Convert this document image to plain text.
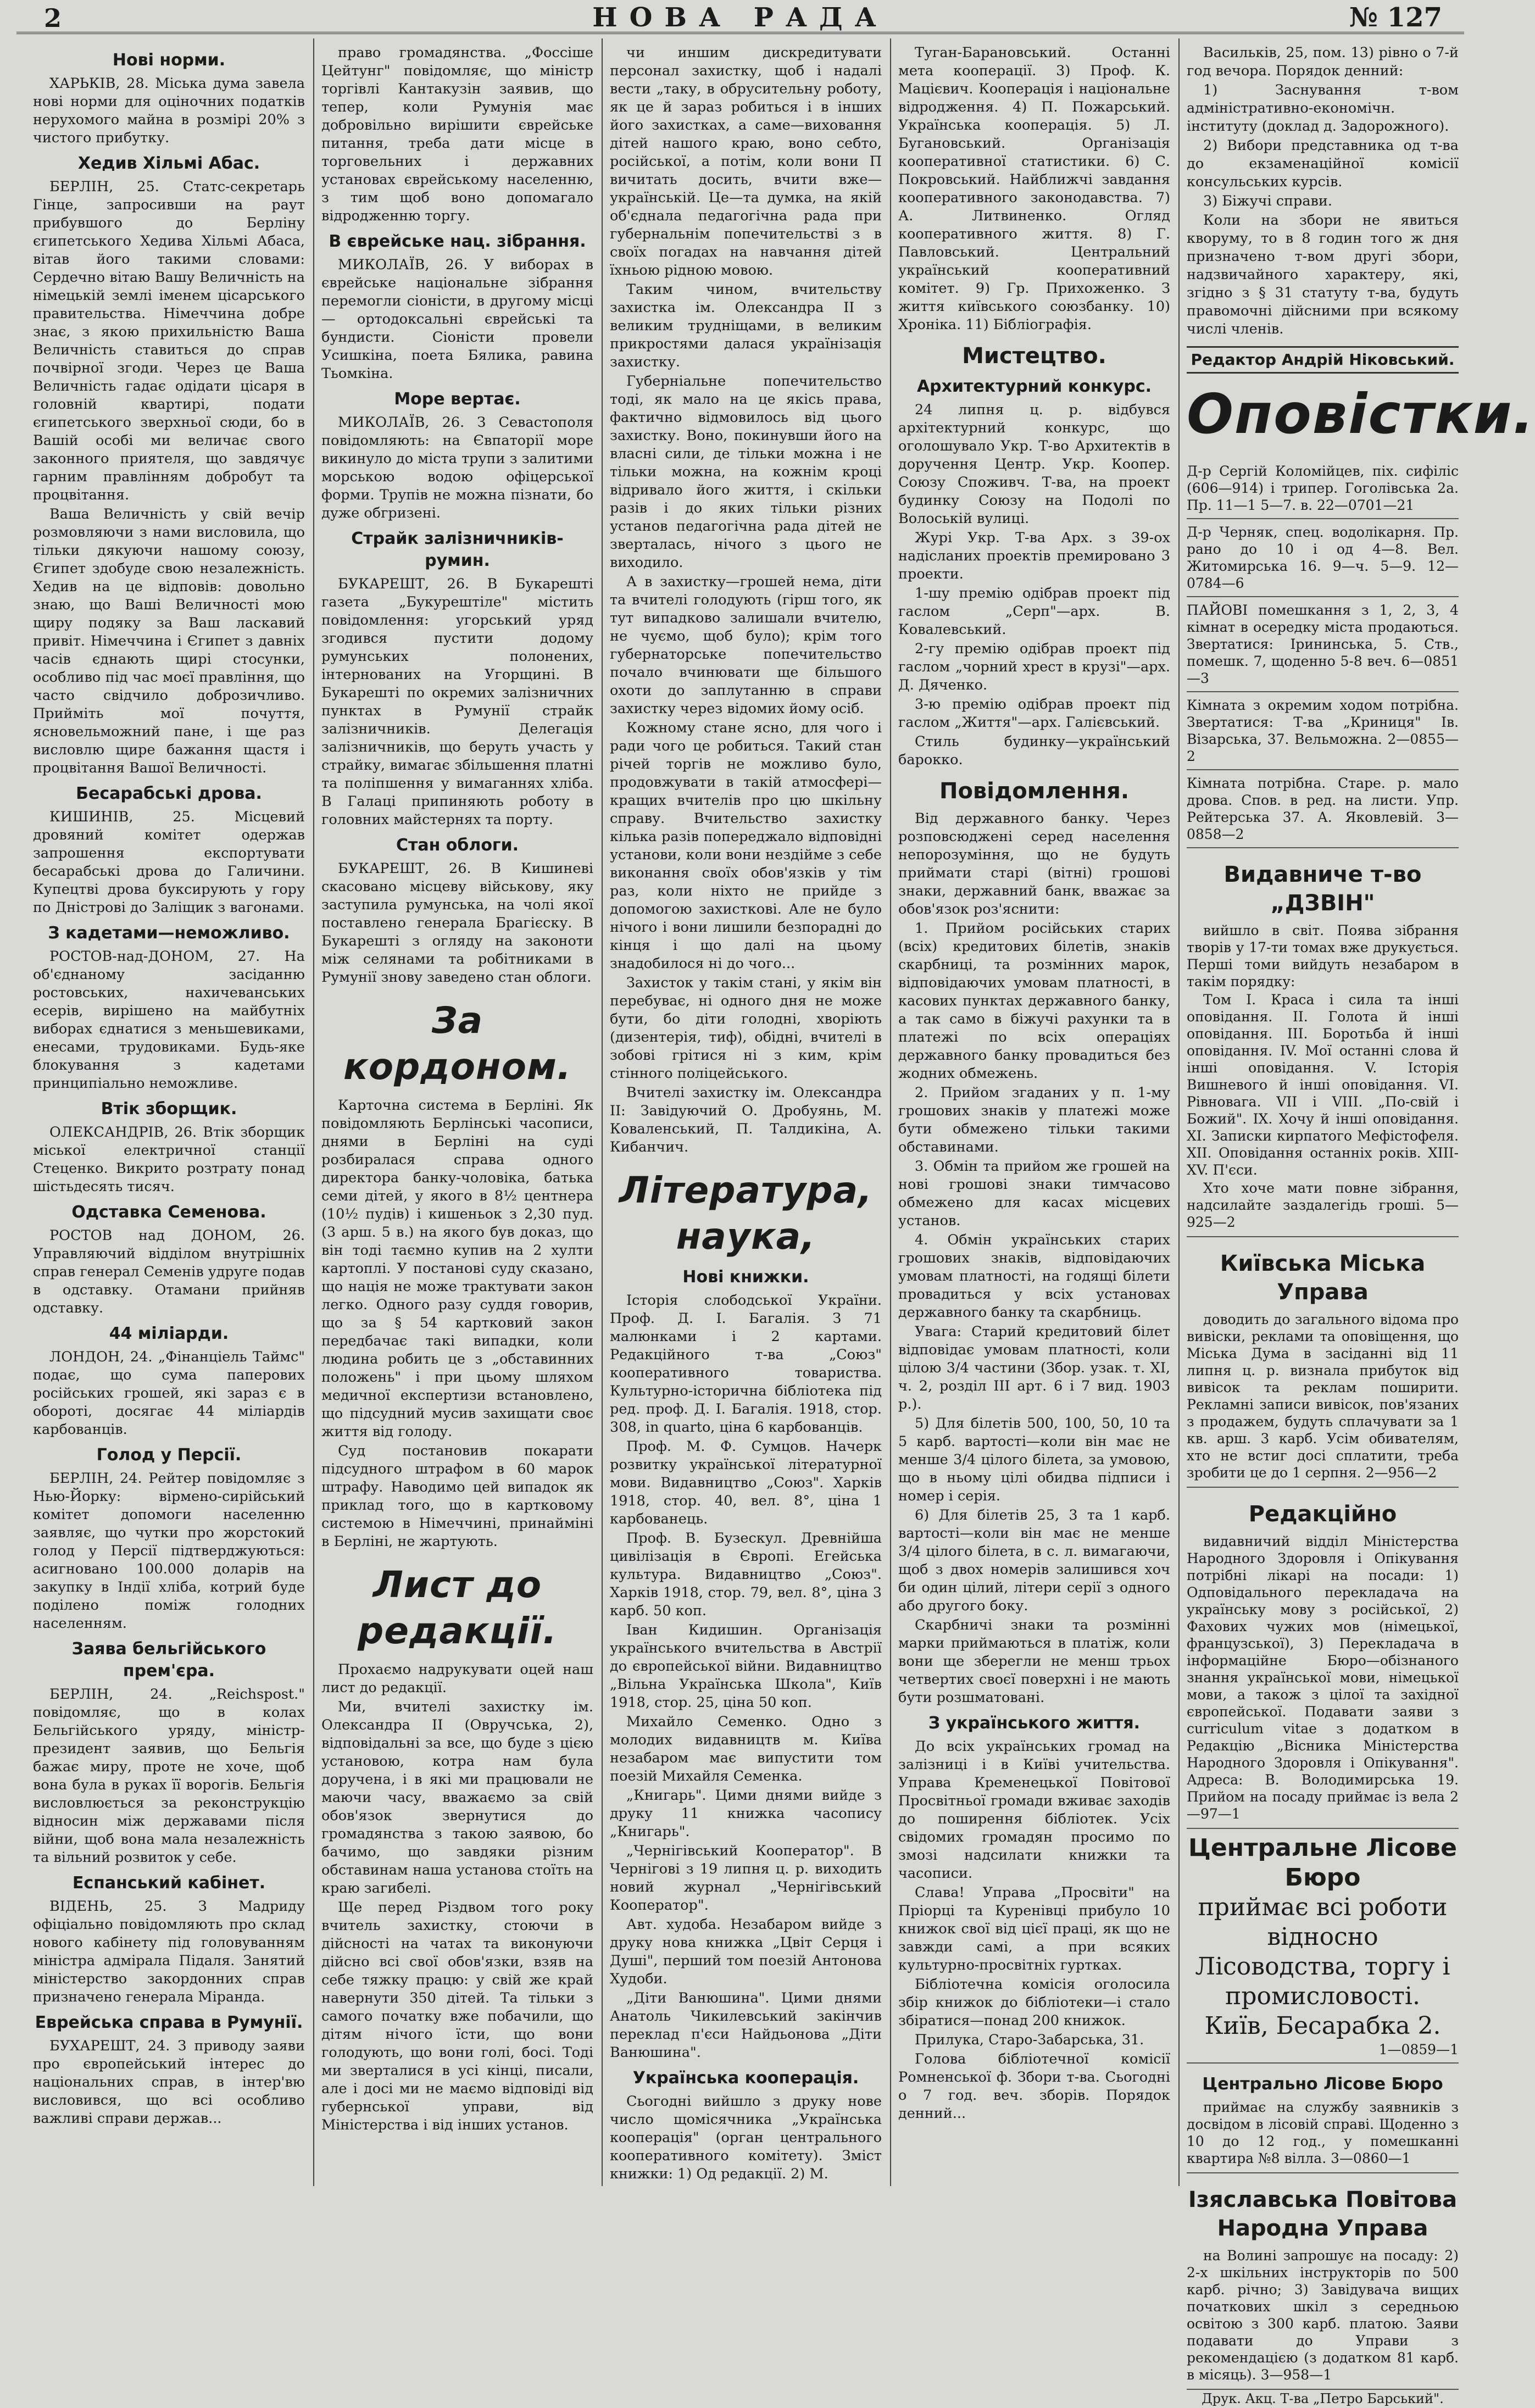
2	НОВА РАДА	№ 127
Нові норми.

ХАРЬКІВ, 28. Міська дума завела нові норми для оціночних податків нерухомого майна в розмірі 20% з чистого прибутку.

Хедив Хільмі Абас.

БЕРЛІН, 25. Статс-секретарь Гінце, запросивши на раут прибувшого до Берліну єгипетського Хедива Хільмі Абаса, вітав його такими словами: Сердечно вітаю Вашу Величність на німецькій землі іменем цісарського правительства. Німеччина добре знає, з якою прихильністю Ваша Величність ставиться до справ почвірної згоди. Через це Ваша Величність гадає одідати цісаря в головній квартирі, подати єгипетського зверхньої сюди, бо в Вашій особі ми величає свого законного приятеля, що завдячує гарним правлінням добробут та процвітання.

Ваша Величність у свій вечір розмовляючи з нами висловила, що тільки дякуючи нашому союзу, Єгипет здобуде свою незалежність. Хедив на це відповів: довольно знаю, що Ваші Величності мою щиру подяку за Ваш ласкавий привіт. Німеччина і Єгипет з давніх часів єднають щирі стосунки, особливо під час моєї правління, що часто свідчило доброзичливо. Прийміть мої почуття, ясновельможний пане, і ще раз висловлю щире бажання щастя і процвітання Вашої Величності.

Бесарабські дрова.

КИШИНІВ, 25. Місцевий дровяний комітет одержав запрошення експортувати бесарабські дрова до Галичини. Купецтві дрова буксирують у гору по Дністрові до Заліщик з вагонами.

З кадетами—неможливо.

РОСТОВ-над-ДОНОМ, 27. На об'єднаному засіданню ростовських, нахичеванських есерів, вирішено на майбутніх виборах єднатися з меньшевиками, енесами, трудовиками. Будь-яке блокування з кадетами принципіально неможливе.

Втік зборщик.

ОЛЕКСАНДРІВ, 26. Втік зборщик міської електричної станції Стеценко. Викрито розтрату понад шістьдесять тисяч.

Одставка Семенова.

РОСТОВ над ДОНОМ, 26. Управляючий відділом внутрішніх справ генерал Семенів удруге подав в одставку. Отамани прийняв одставку.

44 міліарди.

ЛОНДОН, 24. „Фінанціель Таймс" подає, що сума паперових російських грошей, які зараз є в обороті, досягає 44 міліардів карбованців.

Голод у Персії.

БЕРЛІН, 24. Рейтер повідомляє з Нью-Йорку: вірмено-сирійський комітет допомоги населенню заявляє, що чутки про жорстокий голод у Персії підтверджуються: асигновано 100.000 доларів на закупку в Індії хліба, котрий буде поділено поміж голодних населенням.

Заява бельгійського прем'єра.

БЕРЛІН, 24. „Reichspost." повідомляє, що в колах Бельгійського уряду, міністр-президент заявив, що Бельгія бажає миру, проте не хоче, щоб вона була в руках її ворогів. Бельгія висловлюється за реконструкцію відносин між державами після війни, щоб вона мала незалежність та вільний розвиток у себе.

Еспанський кабінет.

ВІДЕНЬ, 25. З Мадриду офіціально повідомляють про склад нового кабінету під головуванням міністра адмірала Підаля. Занятий міністерство закордонних справ призначено генерала Міранда.

Еврейська справа в Румунії.

БУХАРЕШТ, 24. З приводу заяви про європейський інтерес до національних справ, в інтер'вю висловився, що всі особливо важливі справи держав...

право громадянства. „Фоссіше Цейтунг" повідомляє, що міністр торгівлі Кантакузін заявив, що тепер, коли Румунія має добровільно вирішити єврейське питання, треба дати місце в торговельних і державних установах єврейському населенню, з тим щоб воно допомагало відродженню торгу.

В єврейське нац. зібрання.

МИКОЛАЇВ, 26. У виборах в єврейське національне зібрання перемогли сіоністи, в другому місці — ортодоксальні єврейські та бундисти. Сіоністи провели Усишкіна, поета Бялика, равина Тьомкіна.

Море вертає.

МИКОЛАЇВ, 26. З Севастополя повідомляють: на Євпаторії море викинуло до міста трупи з залитими морською водою офіцерської форми. Трупів не можна пізнати, бо дуже обгризені.

Страйк залізничників-румин.

БУКАРЕШТ, 26. В Букарешті газета „Букурештіле" містить повідомлення: угорський уряд згодився пустити додому румунських полонених, інтернованих на Угорщині. В Букарешті по окремих залізничних пунктах в Румунії страйк залізничників. Делегація залізничників, що беруть участь у страйку, вимагає збільшення платні та поліпшення у вимаганнях хліба. В Галаці припиняють роботу в головних майстернях та порту.

Стан облоги.

БУКАРЕШТ, 26. В Кишиневі скасовано місцеву військову, яку заступила румунська, на чолі якої поставлено генерала Брагієску. В Букарешті з огляду на законоти між селянами та робітниками в Румунії знову заведено стан облоги.

За кордоном.

Карточна система в Берліні. Як повідомляють Берлінські часописи, днями в Берліні на суді розбиралася справа одного директора банку-чоловіка, батька семи дітей, у якого в 8½ центнера (10½ пудів) і кишеньок з 2,30 пуд. (3 арш. 5 в.) на якого був доказ, що він тоді таємно купив на 2 хулти картоплі. У постанові суду сказано, що нація не може трактувати закон легко. Одного разу суддя говорив, що за § 54 картковий закон передбачає такі випадки, коли людина робить це з „обставинних положень" і при цьому шляхом медичної експертизи встановлено, що підсудний мусив захищати своє життя від голоду.

Суд постановив покарати підсудного штрафом в 60 марок штрафу. Наводимо цей випадок як приклад того, що в картковому системою в Німеччині, принайміні в Берліні, не жартують.

Лист до редакції.

Прохаємо надрукувати оцей наш лист до редакції.

Ми, вчителі захистку ім. Олександра II (Овручська, 2), відповідальні за все, що буде з цією установою, котра нам була доручена, і в які ми працювали не маючи часу, вважаємо за свій обов'язок звернутися до громадянства з такою заявою, бо бачимо, що завдяки різним обставинам наша установа стоїть на краю загибелі.

Ще перед Різдвом того року вчитель захистку, стоючи в дійсності на чатах та виконуючи дійсно всі свої обов'язки, взяв на себе тяжку працю: у свій же край навернути 350 дітей. Та тільки з самого початку вже побачили, що дітям нічого їсти, що вони голодують, що вони голі, босі. Тоді ми зверталися в усі кінці, писали, але і досі ми не маємо відповіді від губернської управи, від Міністерства і від інших установ.

чи иншим дискредитувати персонал захистку, щоб і надалі вести „таку, в обрусительну роботу, як це й зараз робиться і в інших його захистках, а саме—виховання дітей нашого краю, воно себто, російської, а потім, коли вони П вичитать досить, вчити вже—українській. Це—та думка, на якій об'єднала педагогічна рада при губернальнім попечительстві з в своїх погадах на навчання дітей їхньою рідною мовою.

Таким чином, вчительству захистка ім. Олександра II з великим трудніщами, в великим прикростями далася українізація захистку.

Губерніальне попечительство тоді, як мало на це якісь права, фактично відмовилось від цього захистку. Воно, покинувши його на власні сили, де тільки можна і не тільки можна, на кожнім кроці відривало його життя, і скільки разів і до яких тільки різних установ педагогічна рада дітей не зверталась, нічого з цього не виходило.

А в захистку—грошей нема, діти та вчителі голодують (гірш того, як тут випадково залишали вчителю, не чуємо, щоб було); крім того губернаторське попечительство почало вчинювати ще більшого охоти до заплутанню в справи захистку через відомих йому осіб.

Кожному стане ясно, для чого і ради чого це робиться. Такий стан річей торгів не можливо було, продовжувати в такій атмосфері—кращих вчителів про цю шкільну справу. Вчительство захистку кілька разів попереджало відповідні установи, коли вони нездійме з себе виконання своїх обов'язків у тім раз, коли ніхто не прийде з допомогою захисткові. Але не було нічого і вони лишили безпорадні до кінця і що далі на цьому знадобилося ні до чого...

Захисток у такім стані, у якім він перебуває, ні одного дня не може бути, бо діти голодні, хворіють (дизентерія, тиф), обідні, вчителі в зобові грітися ні з ким, крім стінного поліцейського.

Вчителі захистку ім. Олександра II: Завідуючий О. Дробуянь, М. Коваленський, П. Талдикіна, А. Кибанчич.

Література, наука,
Нові книжки.

Історія слободської України. Проф. Д. І. Багалія. З 71 малюнками і 2 картами. Редакційного т-ва „Союз" кооперативного товариства. Культурно-історична бібліотека під ред. проф. Д. І. Багалія. 1918, стор. 308, in quarto, ціна 6 карбованців.

Проф. М. Ф. Сумцов. Начерк розвитку української літературної мови. Видавництво „Союз". Харків 1918, стор. 40, вел. 8°, ціна 1 карбованець.

Проф. В. Бузескул. Древнійша цивілізація в Європі. Егейська культура. Видавництво „Союз". Харків 1918, стор. 79, вел. 8°, ціна 3 карб. 50 коп.

Іван Кидишин. Організація українського вчительства в Австрії до європейської війни. Видавництво „Вільна Українська Школа", Київ 1918, стор. 25, ціна 50 коп.

Михайло Семенко. Одно з молодих видавництв м. Київа незабаром має випустити том поезій Михайля Семенка.

„Книгарь". Цими днями вийде з друку 11 книжка часопису „Книгарь".

„Чернігівський Кооператор". В Чернігові з 19 липня ц. р. виходить новий журнал „Чернігівський Кооператор".

Авт. худоба. Незабаром вийде з друку нова книжка „Цвіт Серця і Душі", перший том поезій Антонова Худоби.

„Діти Ванюшина". Цими днями Анатоль Чикилевський закінчив переклад п'єси Найдьонова „Діти Ванюшина".

Українська кооперація.

Сьогодні вийшло з друку нове число щомісячника „Українська кооперація" (орган центрального кооперативного комітету). Зміст книжки: 1) Од редакції. 2) М.

Туган-Барановський. Останні мета кооперації. 3) Проф. К. Мацієвич. Кооперація і національне відродження. 4) П. Пожарський. Українська кооперація. 5) Л. Бугановський. Організація кооперативної статистики. 6) С. Покровський. Найближчі завдання кооперативного законодавства. 7) А. Литвиненко. Огляд кооперативного життя. 8) Г. Павловський. Центральний український кооперативний комітет. 9) Гр. Прихоженко. З життя київського союзбанку. 10) Хроніка. 11) Бібліографія.

Мистецтво.
Архитектурний конкурс.

24 липня ц. р. відбувся архітектурний конкурс, що оголошувало Укр. Т-во Архитектів в доручення Центр. Укр. Коопер. Союзу Споживч. Т-ва, на проект будинку Союзу на Подолі по Волоській вулиці.

Журі Укр. Т-ва Арх. з 39-ох надісланих проектів премировано 3 проекти.

1-шу премію одібрав проект під гаслом „Серп"—арх. В. Ковалевський.

2-гу премію одібрав проект під гаслом „чорний хрест в крузі"—арх. Д. Дяченко.

3-ю премію одібрав проект під гаслом „Життя"—арх. Галієвський.

Стиль будинку—український барокко.

Повідомлення.

Від державного банку. Через розповсюджені серед населення непорозуміння, що не будуть приймати старі (вітні) грошові знаки, державний банк, вважає за обов'язок роз'яснити:

1. Прийом російських старих (всіх) кредитових білетів, знаків скарбниці, та розмінних марок, відповідаючих умовам платності, в касових пунктах державного банку, а так само в біжучі рахунки та в платежі по всіх операціях державного банку провадиться без жодних обмежень.

2. Прийом згаданих у п. 1-му грошових знаків у платежі може бути обмежено тільки такими обставинами.

3. Обмін та прийом же грошей на нові грошові знаки тимчасово обмежено для касах місцевих установ.

4. Обмін українських старих грошових знаків, відповідаючих умовам платності, на годящі білети провадиться у всіх установах державного банку та скарбниць.

Увага: Старий кредитовий білет відповідає умовам платності, коли цілою 3/4 частини (Збор. узак. т. XI, ч. 2, розділ III арт. 6 і 7 вид. 1903 р.).

5) Для білетів 500, 100, 50, 10 та 5 карб. вартості—коли він має не менше 3/4 цілого білета, за умовою, що в ньому цілі обидва підписи і номер і серія.

6) Для білетів 25, 3 та 1 карб. вартості—коли він має не менше 3/4 цілого білета, в с. л. вимагаючи, щоб з двох номерів залишився хоч би один цілий, літери серії з одного або другого боку.

Скарбничі знаки та розмінні марки приймаються в платіж, коли вони ще зберегли не менш трьох четвертих своєї поверхні і не мають бути розшматовані.

З українського життя.

До всіх українських громад на залізниці і в Київі учительства. Управа Кременецької Повітової Просвітньої громади вживає заходів до поширення бібліотек. Усіх свідомих громадян просимо по змозі надсилати книжки та часописи.

Слава! Управа „Просвіти" на Пріорці та Куренівці прибуло 10 книжок свої від цієї праці, як що не завжди самі, а при всяких культурно-просвітніх гуртках.

Бібліотечна комісія оголосила збір книжок до бібліотеки—і стало збіратися—понад 200 книжок.

Прилука, Старо-Забарська, 31.

Голова бібліотечної комісії Ромненської ф. Збори т-ва. Сьогодні о 7 год. веч. зборів. Порядок денний...

Васильків, 25, пом. 13) рівно о 7-й год вечора. Порядок денний:

1) Заснування т-вом адміністративно-економічн. інституту (доклад д. Задорожного).

2) Вибори представника од т-ва до екзаменаційної комісії консульських курсів.

3) Біжучі справи.

Коли на збори не явиться кворуму, то в 8 годин того ж дня призначено т-вом другі збори, надзвичайного характеру, які, згідно з § 31 статуту т-ва, будуть правомочні дійсними при всякому числі членів.

Редактор Андрій Ніковський.
Оповістки.
Д-р Сергій Коломійцев, піх. сифіліс (606—914) і трипер. Гоголівська 2а. Пр. 11—1 5—7. в. 22—0701—21
Д-р Черняк, спец. водолікарня. Пр. рано до 10 і од 4—8. Вел. Житомирська 16. 9—ч. 5—9. 12—0784—6
ПАЙОВІ помешкання з 1, 2, 3, 4 кімнат в осередку міста продаються. Звертатися: Ірининська, 5. Ств., помешк. 7, щоденно 5-8 веч. 6—0851—3
Кімната з окремим ходом потрібна. Звертатися: Т-ва „Криниця" Ів. Візарська, 37. Вельможна. 2—0855—2
Кімната потрібна. Старе. р. мало дрова. Спов. в ред. на листи. Упр. Рейтерська 37. А. Яковлевій. 3—0858—2
Видавниче т-во „ДЗВІН"

вийшло в світ. Поява зібрання творів у 17-ти томах вже друкується. Перші томи вийдуть незабаром в такім порядку:

Том I. Краса і сила та інші оповідання. II. Голота й інші оповідання. III. Боротьба й інші оповідання. IV. Мої останні слова й інші оповідання. V. Історія Вишневого й інші оповідання. VI. Рівновага. VII і VIII. „По-свій і Божий". IX. Хочу й інші оповідання. XI. Записки кирпатого Мефістофеля. XII. Оповідання останніх років. XIII-XV. П'єси.

Хто хоче мати повне зібрання, надсилайте заздалегідь гроші. 5—925—2

Київська Міська Управа

доводить до загального відома про вивіски, реклами та оповіщення, що Міська Дума в засіданні від 11 липня ц. р. визнала прибуток від вивісок та реклам поширити. Рекламні записи вивісок, пов'язаних з продажем, будуть сплачувати за 1 кв. арш. 3 карб. Усім обивателям, хто не встиг досі сплатити, треба зробити це до 1 серпня. 2—956—2

Редакційно

видавничий відділ Міністерства Народного Здоровля і Опікування потрібні лікарі на посади: 1) Одповідального перекладача на українську мову з російської, 2) Фахових чужих мов (німецької, французської), 3) Перекладача в інформаційне Бюро—обізнаного знання української мови, німецької мови, а також з цілої та західної європейської. Подавати заяви з curriculum vitae з додатком в Редакцію „Вісника Міністерства Народного Здоровля і Опікування". Адреса: В. Володимирська 19. Прийом на посаду приймає із вела 2—97—1

Центральне Лісове Бюро
приймає всі роботи відносно Лісоводства, торгу і промисловості.
Київ, Бесарабка 2.
1—0859—1
Центрально Лісове Бюро

приймає на службу заявників з досвідом в лісовій справі. Щоденно з 10 до 12 год., у помешканні квартира №8 вілла. 3—0860—1

Ізяславська Повітова Народна Управа

на Волині запрошує на посаду: 2) 2-х шкільних інструкторів по 500 карб. річно; 3) Завідувача вищих початкових шкіл з середньою освітою з 300 карб. платою. Заяви подавати до Управи з рекомендацією (з додатком 81 карб. в місяць). 3—958—1

Друк. Акц. Т-ва „Петро Барський".
